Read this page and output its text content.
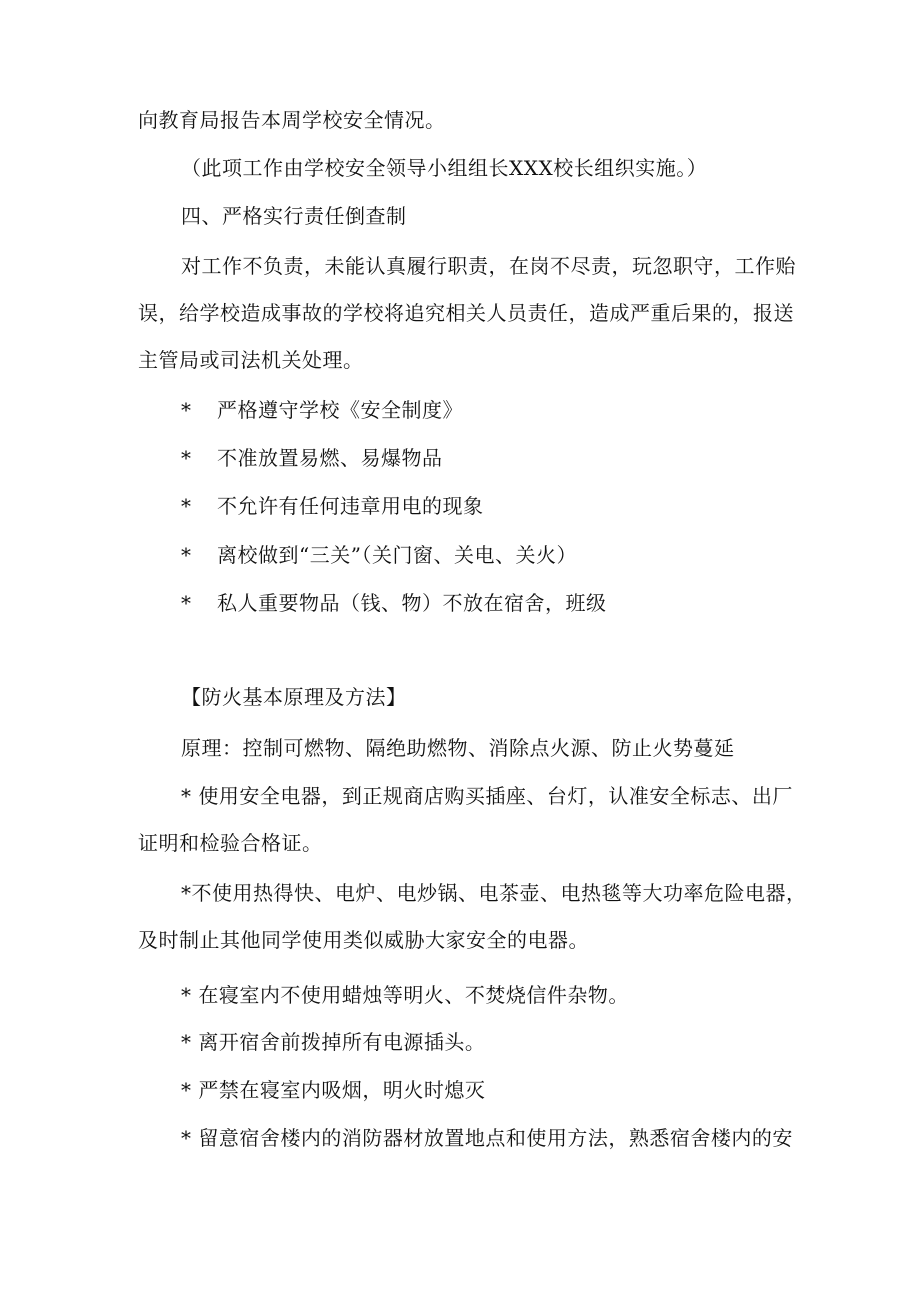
向教育局报告本周学校安全情况。
（此项工作由学校安全领导小组组长XXX校长组织实施。）
四、严格实行责任倒查制
对工作不负责，未能认真履行职责，在岗不尽责，玩忽职守，工作贻
误，给学校造成事故的学校将追究相关人员责任，造成严重后果的，报送
主管局或司法机关处理。
* 严格遵守学校《安全制度》
* 不准放置易燃、易爆物品
* 不允许有任何违章用电的现象
* 离校做到“三关”（关门窗、关电、关火）
* 私人重要物品（钱、物）不放在宿舍，班级
【防火基本原理及方法】
原理：控制可燃物、隔绝助燃物、消除点火源、防止火势蔓延
* 使用安全电器，到正规商店购买插座、台灯，认准安全标志、出厂
证明和检验合格证。
*不使用热得快、电炉、电炒锅、电茶壶、电热毯等大功率危险电器，
及时制止其他同学使用类似威胁大家安全的电器。
* 在寝室内不使用蜡烛等明火、不焚烧信件杂物。
* 离开宿舍前拨掉所有电源插头。
* 严禁在寝室内吸烟，明火时熄灭
* 留意宿舍楼内的消防器材放置地点和使用方法，熟悉宿舍楼内的安
